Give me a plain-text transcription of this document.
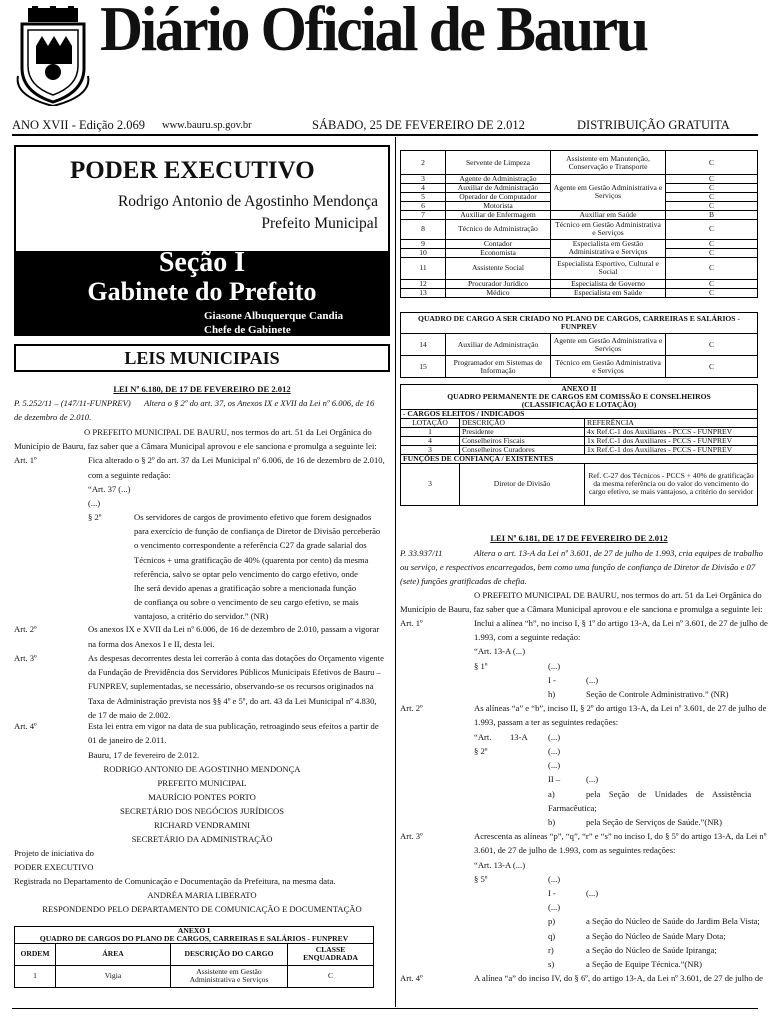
Diário Oficial de Bauru
ANO XVII - Edição 2.069 www.bauru.sp.gov.br	SÁBADO, 25 DE FEVEREIRO DE 2.012	DISTRIBUIÇÃO GRATUITA
PODER EXECUTIVO
Rodrigo Antonio de Agostinho Mendonça
Prefeito Municipal
Seção I
Gabinete do Prefeito
Giasone Albuquerque Candia
Chefe de Gabinete
LEIS MUNICIPAIS
LEI Nº 6.180, DE 17 DE FEVEREIRO DE 2.012
P. 5.252/11 – (147/11-FUNPREV) Altera o § 2º do art. 37, os Anexos IX e XVII da Lei nº 6.006, de 16
de dezembro de 2.010.
O PREFEITO MUNICIPAL DE BAURU, nos termos do art. 51 da Lei Orgânica do
Município de Bauru, faz saber que a Câmara Municipal aprovou e ele sanciona e promulga a seguinte lei:
Art. 1º	Fica alterado o § 2º do art. 37 da Lei Municipal nº 6.006, de 16 de dezembro de 2.010,
com a seguinte redação:
“Art. 37 (...)
(...)
§ 2º	Os servidores de cargos de provimento efetivo que forem designados
para exercício de função de confiança de Diretor de Divisão perceberão
o vencimento correspondente a referência C27 da grade salarial dos
Técnicos + uma gratificação de 40% (quarenta por cento) da mesma
referência, salvo se optar pelo vencimento do cargo efetivo, onde
lhe será devido apenas a gratificação sobre a mencionada função
de confiança ou sobre o vencimento de seu cargo efetivo, se mais
vantajoso, a critério do servidor.” (NR)
Art. 2º	Os anexos IX e XVII da Lei nº 6.006, de 16 de dezembro de 2.010, passam a vigorar
na forma dos Anexos I e II, desta lei.
Art. 3º	As despesas decorrentes desta lei correrão à conta das dotações do Orçamento vigente
da Fundação de Previdência dos Servidores Públicos Municipais Efetivos de Bauru –
FUNPREV, suplementadas, se necessário, observando-se os recursos originados na
Taxa de Administração prevista nos §§ 4º e 5º, do art. 43 da Lei Municipal nº 4.830,
de 17 de maio de 2.002.
Art. 4º	Esta lei entra em vigor na data de sua publicação, retroagindo seus efeitos a partir de
01 de janeiro de 2.011.
Bauru, 17 de fevereiro de 2.012.
RODRIGO ANTONIO DE AGOSTINHO MENDONÇA
PREFEITO MUNICIPAL
MAURÍCIO PONTES PORTO
SECRETÁRIO DOS NEGÓCIOS JURÍDICOS
RICHARD VENDRAMINI
SECRETÁRIO DA ADMINISTRAÇÃO
Projeto de iniciativa do
PODER EXECUTIVO
Registrada no Departamento de Comunicação e Documentação da Prefeitura, na mesma data.
ANDRÉA MARIA LIBERATO
RESPONDENDO PELO DEPARTAMENTO DE COMUNICAÇÃO E DOCUMENTAÇÃO
ANEXO I			
QUADRO DE CARGOS DO PLANO DE CARGOS, CARREIRAS E SALÁRIOS - FUNPREV			
ORDEM	ÁREA	DESCRIÇÃO DO CARGO	CLASSE ENQUADRADA
1	Vigia	Assistente em Gestão Administrativa e Serviços	C
2	Servente de Limpeza	Assistente em Manutenção, Conservação e Transporte	C
3	Agente de Administração	Agente em Gestão Administrativa e Serviços	C
4	Auxiliar de Administração		C
5	Operador de Computador		C
6	Motorista		C
7	Auxiliar de Enfermagem	Auxiliar em Saúde	B
8	Técnico de Administração	Técnico em Gestão Administrativa e Serviços	C
9	Contador	Especialista em Gestão Administrativa e Serviços	C
10	Economista		C
11	Assistente Social	Especialista Esportivo, Cultural e Social	C
12	Procurador Jurídico	Especialista de Governo	C
13	Médico	Especialista em Saúde	C
QUADRO DE CARGO A SER CRIADO NO PLANO DE CARGOS, CARREIRAS E SALÁRIOS - FUNPREV			
14	Auxiliar de Administração	Agente em Gestão Administrativa e Serviços	C
15	Programador em Sistemas de Informação	Técnico em Gestão Administrativa e Serviços	C
ANEXO II		
QUADRO PERMANENTE DE CARGOS EM COMISSÃO E CONSELHEIROS		
(CLASSIFICAÇÃO E LOTAÇÃO)		
- CARGOS ELEITOS / INDICADOS		
LOTAÇÃO	DESCRIÇÃO	REFERÊNCIA
1	Presidente	4x Ref.C-1 dos Auxiliares - PCCS - FUNPREV
4	Conselheiros Fiscais	1x Ref.C-1 dos Auxiliares - PCCS - FUNPREV
3	Conselheiros Curadores	1x Ref.C-1 dos Auxiliares - PCCS - FUNPREV
FUNÇÕES DE CONFIANÇA / EXISTENTES		
3	Diretor de Divisão	Ref. C-27 dos Técnicos - PCCS + 40% de gratificação da mesma referência ou do valor do vencimento do cargo efetivo, se mais vantajoso, a critério do servidor
LEI Nº 6.181, DE 17 DE FEVEREIRO DE 2.012
P. 33.937/11	Altera o art. 13-A da Lei nº 3.601, de 27 de julho de 1.993, cria equipes de trabalho
ou serviço, e respectivos encarregados, bem como uma função de confiança de Diretor de Divisão e 07
(sete) funções gratificadas de chefia.
O PREFEITO MUNICIPAL DE BAURU, nos termos do art. 51 da Lei Orgânica do
Município de Bauru, faz saber que a Câmara Municipal aprovou e ele sanciona e promulga a seguinte lei:
Art. 1º	Inclui a alínea “h”, no inciso I, § 1º do artigo 13-A, da Lei nº 3.601, de 27 de julho de
1.993, com a seguinte redação:
“Art. 13-A (...)
§ 1º	(...)
I -	(...)
h)	Seção de Controle Administrativo.” (NR)
Art. 2º	As alíneas “a” e “b”, inciso II, § 2º do artigo 13-A, da Lei nº 3.601, de 27 de julho de
1.993, passam a ter as seguintes redações:
“Art. 13-A (...)
§ 2º	(...)
(...)
II –	(...)
a)	pela    Seção    de    Unidades    de    Assistência
Farmacêutica;
b)	pela Seção de Serviços de Saúde.”(NR)
Art. 3º	Acrescenta as alíneas “p”, “q”, “r” e “s” no inciso I, do § 5º do artigo 13-A, da Lei nº
3.601, de 27 de julho de 1.993, com as seguintes redações:
“Art. 13-A (...)
§ 5º	(...)
I -	(...)
(...)
p)	a Seção do Núcleo de Saúde do Jardim Bela Vista;
q)	a Seção do Núcleo de Saúde Mary Dota;
r)	a Seção do Núcleo de Saúde Ipiranga;
s)	a Seção de Equipe Técnica.”(NR)
Art. 4º	A alínea “a” do inciso IV, do § 6º, do artigo 13-A, da Lei nº 3.601, de 27 de julho de
